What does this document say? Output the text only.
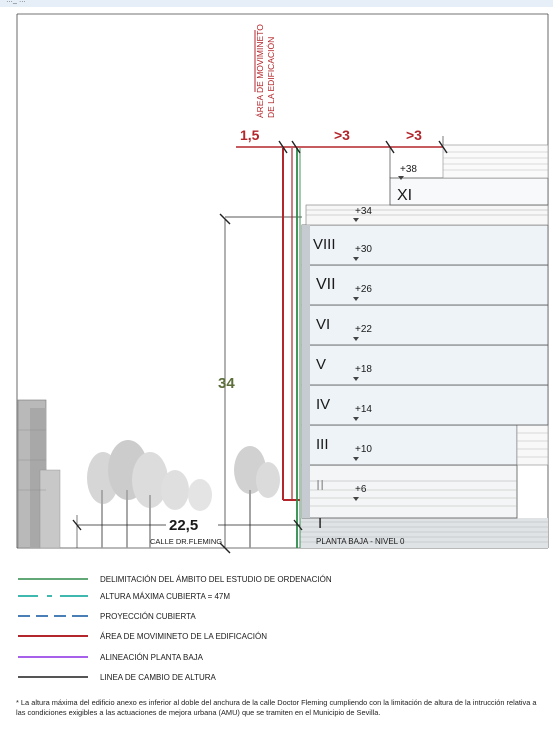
…_ …
I
II
III
IV
V
VI
VII
VIII
XI
+6
+10
+14
+18
+22
+26
+30
+34
+38
34
ÁREA DE MOVIMINETO DE LA EDIFICACIÓN
1,5	>3	>3
22,5
CALLE DR.FLEMING	PLANTA BAJA - NIVEL 0
DELIMITACIÓN DEL ÁMBITO DEL ESTUDIO DE ORDENACIÓN
ALTURA MÁXIMA CUBIERTA = 47M
PROYECCIÓN CUBIERTA
ÁREA DE MOVIMINETO DE LA EDIFICACIÓN
ALINEACIÓN PLANTA BAJA
LINEA DE CAMBIO DE ALTURA
* La altura máxima del edificio anexo es inferior al doble del anchura de la calle Doctor Fleming cumpliendo con la limitación de altura de la intrucción relativa a las condiciones exigibles a las actuaciones de mejora urbana (AMU) que se tramiten en el Municipio de Sevilla.
